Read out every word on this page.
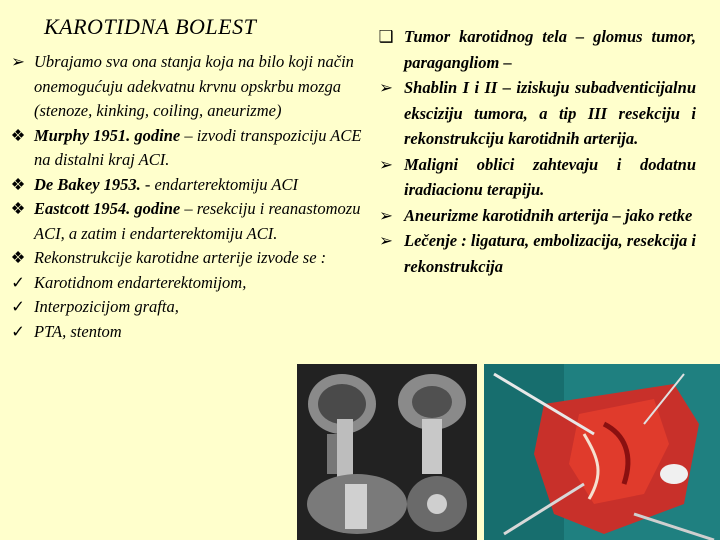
KAROTIDNA BOLEST
➢ Ubrajamo sva ona stanja koja na bilo koji način onemogućuju adekvatnu krvnu opskrbu mozga (stenoze, kinking, coiling, aneurizme)
❖ Murphy 1951. godine – izvodi transpoziciju ACE na distalni kraj ACI.
❖ De Bakey 1953. - endarterektomiju ACI
❖ Eastcott 1954. godine – resekciju i reanastomozu ACI, a zatim i endarterektomiju ACI.
❖ Rekonstrukcije karotidne arterije izvode se :
✓ Karotidnom endarterektomijom,
✓ Interpozicijom grafta,
✓ PTA, stentom
❑ Tumor karotidnog tela – glomus tumor, paragangliom –
➢ Shablin I i II – iziskuju subadventicijalnu eksciziju tumora, a tip III resekciju i rekonstrukciju karotidnih arterija.
➢ Maligni oblici zahtevaju i dodatnu iradiacionu terapiju.
➢ Aneurizme karotidnih arterija – jako retke
➢ Lečenje : ligatura, embolizacija, resekcija i rekonstrukcija
